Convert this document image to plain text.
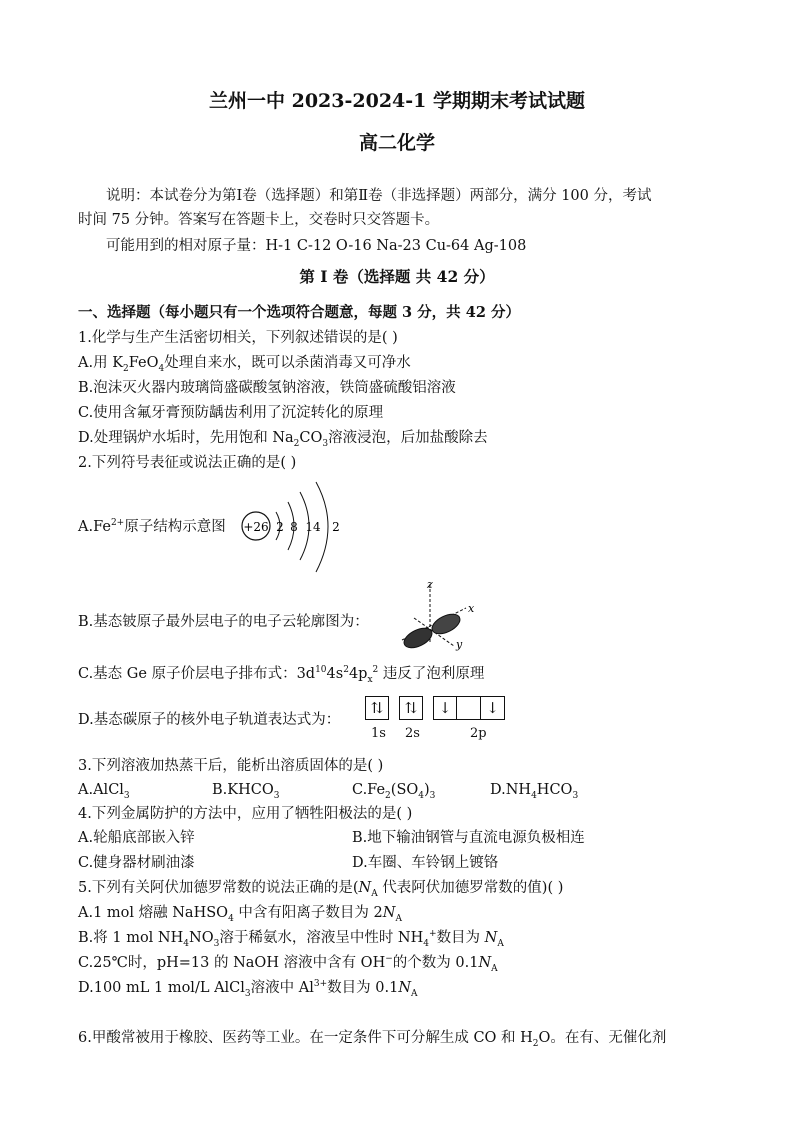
兰州一中 2023-2024-1 学期期末考试试题
高二化学
说明：本试卷分为第Ⅰ卷（选择题）和第Ⅱ卷（非选择题）两部分，满分 100 分，考试
时间 75 分钟。答案写在答题卡上，交卷时只交答题卡。
可能用到的相对原子量：H-1 C-12 O-16 Na-23 Cu-64 Ag-108
第 Ⅰ 卷（选择题 共 42 分）
一、选择题（每小题只有一个选项符合题意，每题 3 分，共 42 分）
1.化学与生产生活密切相关，下列叙述错误的是( )
A.用 $K_2FeO_4$处理自来水，既可以杀菌消毒又可净水
B.泡沫灭火器内玻璃筒盛碳酸氢钠溶液，铁筒盛硫酸铝溶液
C.使用含氟牙膏预防龋齿利用了沉淀转化的原理
D.处理锅炉水垢时，先用饱和 $Na_2CO_3$溶液浸泡，后加盐酸除去
2.下列符号表征或说法正确的是( )
$A.Fe^{2+}$原子结构示意图 +26 2 8 14 2
B.基态铍原子最外层电子的电子云轮廓图为：
z
x
y
C.基态 Ge 原子价层电子排布式：$3d^{10}4s^24p_x^2$ 违反了泡利原理
D.基态碳原子的核外电子轨道表达式为：
⇅	⇅	↓	↓
1s 2s	2p
3.下列溶液加热蒸干后，能析出溶质固体的是( )
A.AlCl$_3$	$B.KHCO_3$	$C.Fe_2(SO_4)_3$	$D.NH_4HCO_3$
4.下列金属防护的方法中，应用了牺牲阳极法的是( )
A.轮船底部嵌入锌	B.地下输油钢管与直流电源负极相连
C.健身器材刷油漆	D.车圈、车铃钢上镀铬
5.下列有关阿伏加德罗常数的说法正确的是($N_A$ 代表阿伏加德罗常数的值)( )
A.1 mol 熔融 NaHSO$_4$ 中含有阳离子数目为 $2N_A$
B.将 1 mol $NH_4NO_3$溶于稀氨水，溶液呈中性时 $NH_4^+$数目为 $N_A$
C.25℃时，pH=13 的 NaOH 溶液中含有 OH−的个数为 $0.1N_A$
D.100 mL 1 mol/L AlCl$_3$溶液中 $Al^{3+}$数目为 $0.1N_A$
6.甲酸常被用于橡胶、医药等工业。在一定条件下可分解生成 CO 和 $H_2O$。在有、无催化剂
